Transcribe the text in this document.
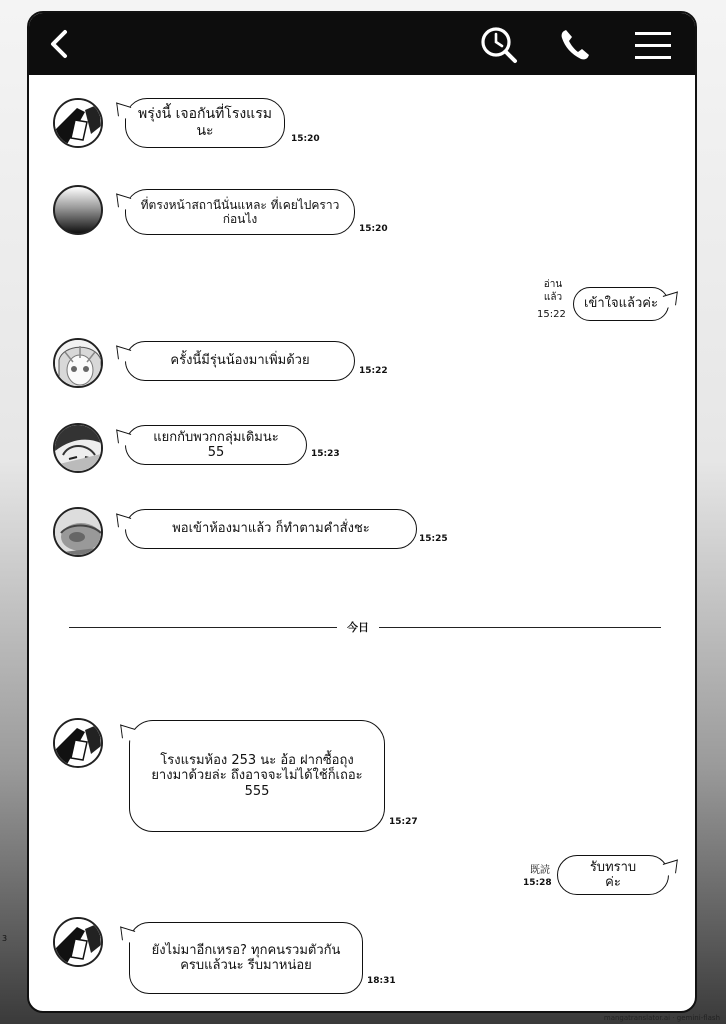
3
พรุ่งนี้ เจอกันที่โรงแรม
นะ	15:20
ที่ตรงหน้าสถานีนั่นแหละ ที่เคยไปคราว
ก่อนไง
15:20
อ่าน
แล้ว
15:22
เข้าใจแล้วค่ะ
ครั้งนี้มีรุ่นน้องมาเพิ่มด้วย
15:22
แยกกับพวกกลุ่มเดิมนะ
55	15:23
พอเข้าห้องมาแล้ว ก็ทำตามคำสั่งชะ
15:25
今日
โรงแรมห้อง 253 นะ อ้อ ฝากซื้อถุง
ยางมาด้วยล่ะ ถึงอาจจะไม่ได้ใช้ก็เถอะ
555
15:27
既読
15:28
รับทราบ
ค่ะ
ยังไม่มาอีกเหรอ? ทุกคนรวมตัวกัน
ครบแล้วนะ รีบมาหน่อย
18:31
mangatranslator.ai · gemini-flash
